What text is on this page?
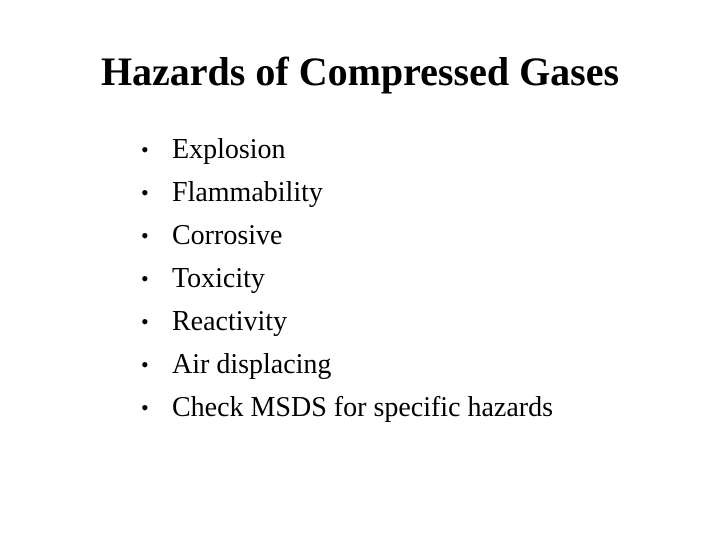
Hazards of Compressed Gases
• Explosion
• Flammability
• Corrosive
• Toxicity
• Reactivity
• Air displacing
• Check MSDS for specific hazards
